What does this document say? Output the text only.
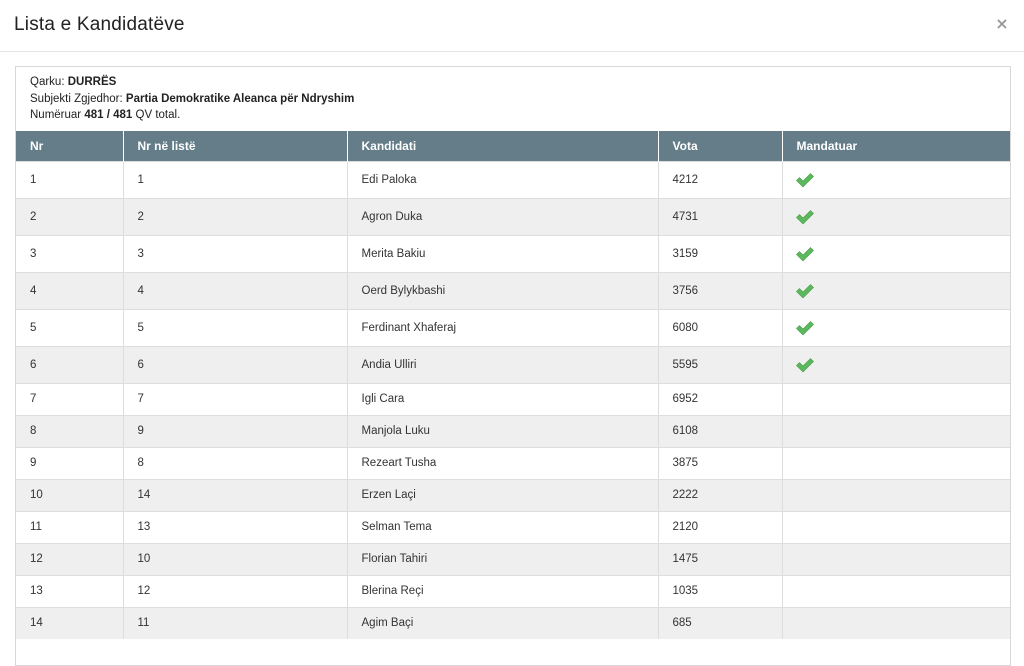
Lista e Kandidatëve	×
Qarku: DURRËS
Subjekti Zgjedhor: Partia Demokratike Aleanca për Ndryshim
Numëruar 481 / 481 QV total.
Nr	Nr në listë	Kandidati	Vota	Mandatuar
1	1	Edi Paloka	4212	
2	2	Agron Duka	4731	
3	3	Merita Bakiu	3159	
4	4	Oerd Bylykbashi	3756	
5	5	Ferdinant Xhaferaj	6080	
6	6	Andia Ulliri	5595	
7	7	Igli Cara	6952	
8	9	Manjola Luku	6108	
9	8	Rezeart Tusha	3875	
10	14	Erzen Laçi	2222	
11	13	Selman Tema	2120	
12	10	Florian Tahiri	1475	
13	12	Blerina Reçi	1035	
14	11	Agim Baçi	685	
